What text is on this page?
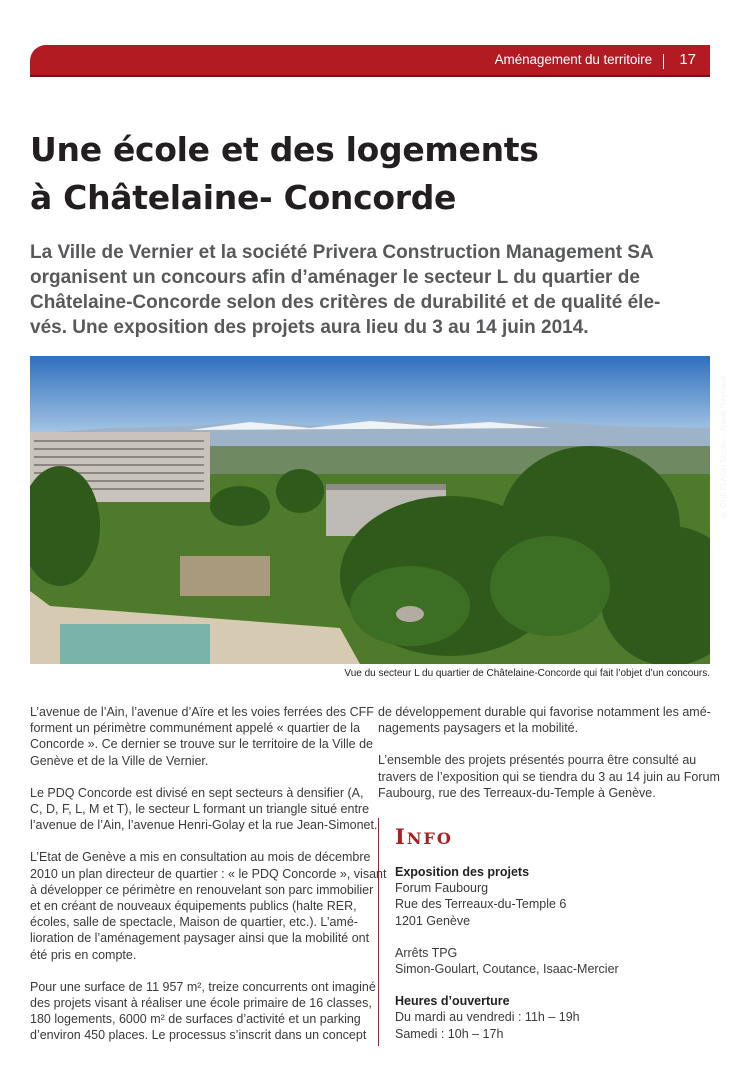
Aménagement du territoire 17
Une école et des logements
à Châtelaine- Concorde

La Ville de Vernier et la société Privera Construction Management SA
organisent un concours afin d’aménager le secteur L du quartier de
Châtelaine-Concorde selon des critères de durabilité et de qualité éle-
vés. Une exposition des projets aura lieu du 3 au 14 juin 2014.

© ONEFLASH Studio – Alexis Reynaud
Vue du secteur L du quartier de Châtelaine-Concorde qui fait l’objet d’un concours.

L’avenue de l’Ain, l’avenue d’Aïre et les voies ferrées des CFF
forment un périmètre communément appelé « quartier de la
Concorde ». Ce dernier se trouve sur le territoire de la Ville de
Genève et de la Ville de Vernier.

Le PDQ Concorde est divisé en sept secteurs à densifier (A,
C, D, F, L, M et T), le secteur L formant un triangle situé entre
l’avenue de l’Ain, l’avenue Henri-Golay et la rue Jean-Simonet.

L’Etat de Genève a mis en consultation au mois de décembre
2010 un plan directeur de quartier : « le PDQ Concorde », visant
à développer ce périmètre en renouvelant son parc immobilier
et en créant de nouveaux équipements publics (halte RER,
écoles, salle de spectacle, Maison de quartier, etc.). L’amé-
lioration de l’aménagement paysager ainsi que la mobilité ont
été pris en compte.

Pour une surface de 11 957 m², treize concurrents ont imaginé
des projets visant à réaliser une école primaire de 16 classes,
180 logements, 6000 m² de surfaces d’activité et un parking
d’environ 450 places. Le processus s’inscrit dans un concept

de développement durable qui favorise notamment les amé-
nagements paysagers et la mobilité.

L’ensemble des projets présentés pourra être consulté au
travers de l’exposition qui se tiendra du 3 au 14 juin au Forum
Faubourg, rue des Terreaux-du-Temple à Genève.

INFO
Exposition des projets
Forum Faubourg
Rue des Terreaux-du-Temple 6
1201 Genève
Arrêts TPG
Simon-Goulart, Coutance, Isaac-Mercier
Heures d’ouverture
Du mardi au vendredi : 11h – 19h
Samedi : 10h – 17h
